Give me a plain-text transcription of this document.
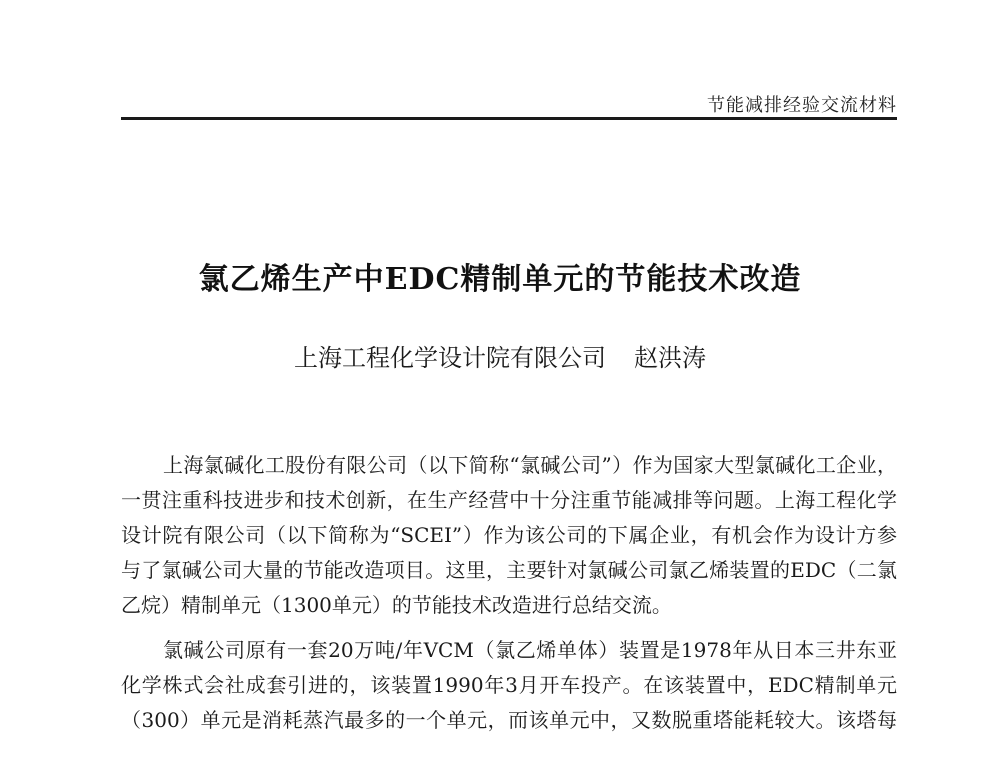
节能减排经验交流材料
氯乙烯生产中EDC精制单元的节能技术改造
上海工程化学设计院有限公司 赵洪涛
上海氯碱化工股份有限公司（以下简称“氯碱公司”）作为国家大型氯碱化工企业，
一贯注重科技进步和技术创新，在生产经营中十分注重节能减排等问题。上海工程化学
设计院有限公司（以下简称为“SCEI”）作为该公司的下属企业，有机会作为设计方参
与了氯碱公司大量的节能改造项目。这里，主要针对氯碱公司氯乙烯装置的EDC（二氯
乙烷）精制单元（1300单元）的节能技术改造进行总结交流。
氯碱公司原有一套20万吨/年VCM（氯乙烯单体）装置是1978年从日本三井东亚
化学株式会社成套引进的，该装置1990年3月开车投产。在该装置中，EDC精制单元
（300）单元是消耗蒸汽最多的一个单元，而该单元中，又数脱重塔能耗较大。该塔每
